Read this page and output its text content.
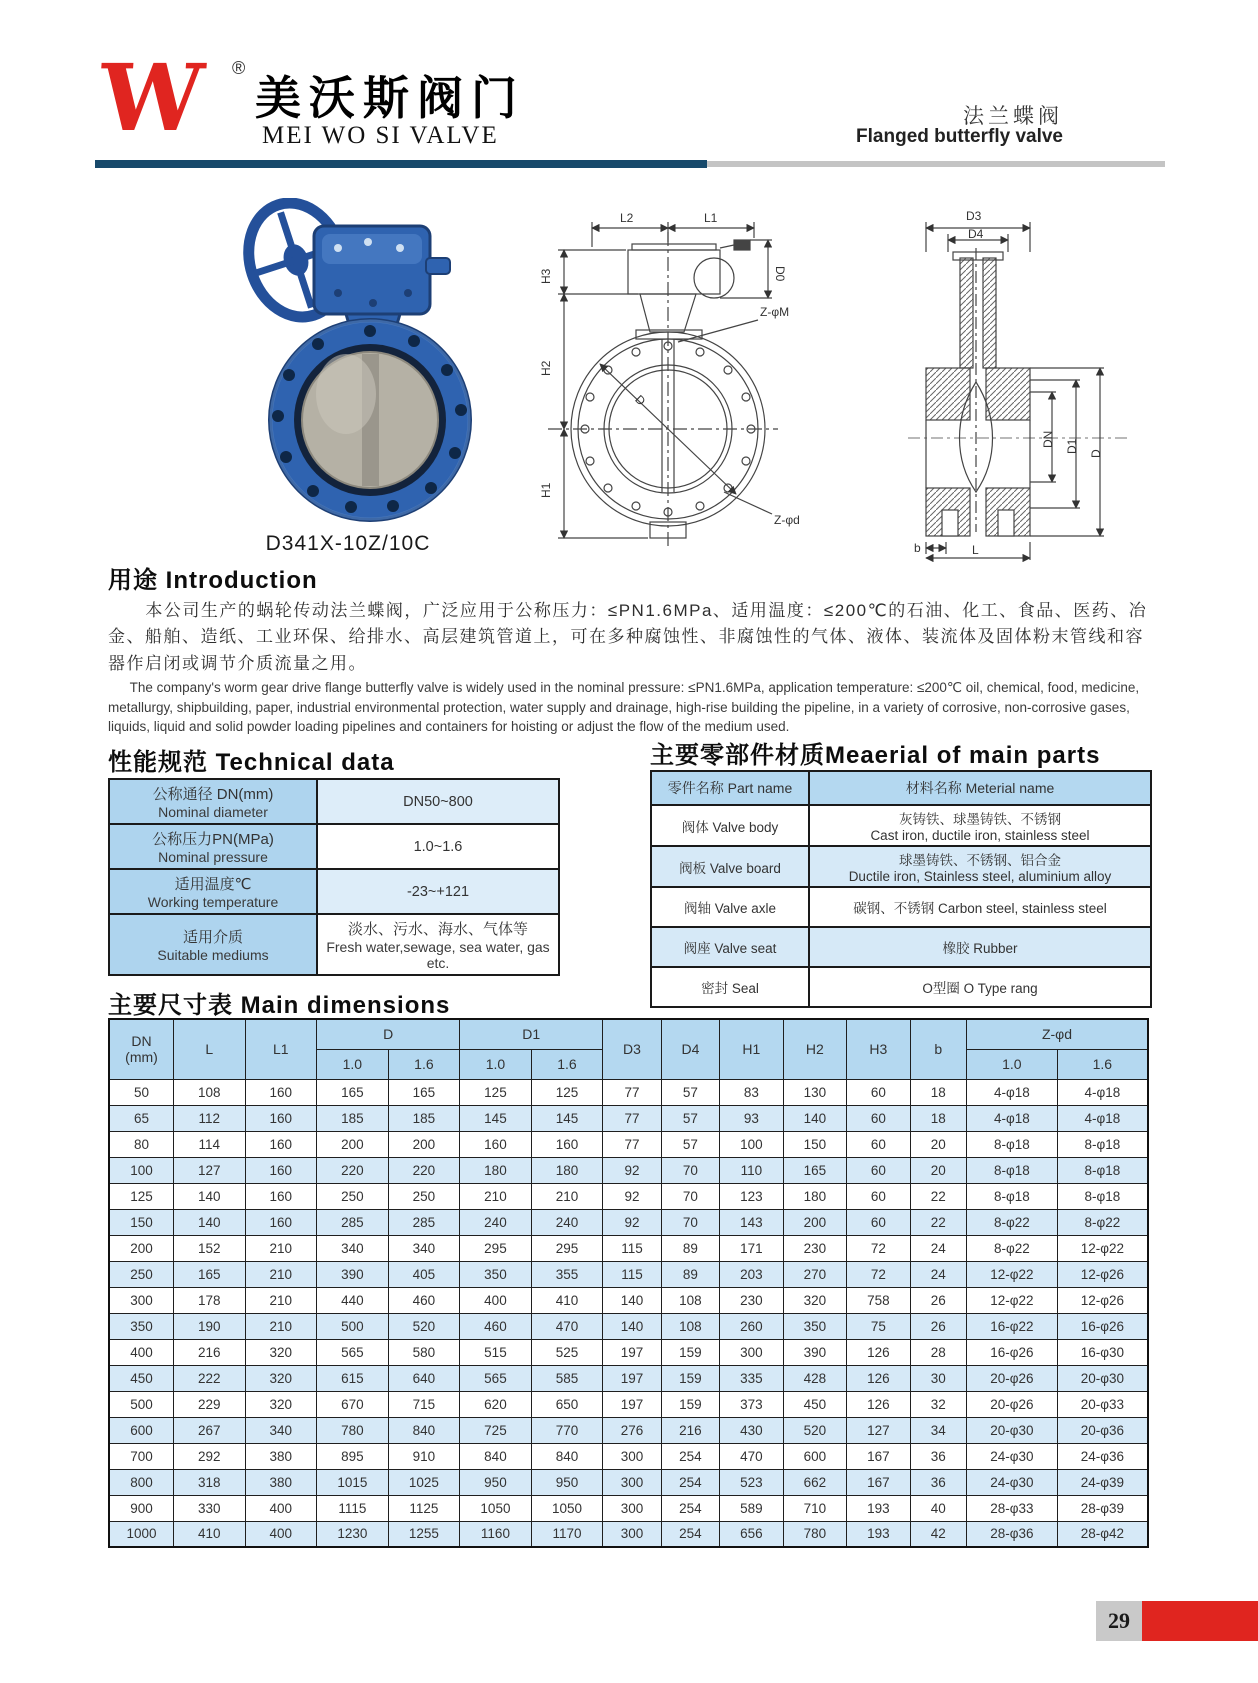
W ®
美沃斯阀门
MEI WO SI VALVE
法兰蝶阀
Flanged butterfly valve
D341X-10Z/10C
L2	L1
D0
H3
H2
H1
D
Z-φM
Z-φd
D3
D4
DN D1 D
b	L
用途 Introduction

本公司生产的蜗轮传动法兰蝶阀，广泛应用于公称压力：≤PN1.6MPa、适用温度：≤200℃的石油、化工、食品、医药、冶金、船舶、造纸、工业环保、给排水、高层建筑管道上，可在多种腐蚀性、非腐蚀性的气体、液体、装流体及固体粉末管线和容器作启闭或调节介质流量之用。

The company's worm gear drive flange butterfly valve is widely used in the nominal pressure: ≤PN1.6MPa, application temperature: ≤200℃ oil, chemical, food, medicine, metallurgy, shipbuilding, paper, industrial environmental protection, water supply and drainage, high-rise building the pipeline, in a variety of corrosive, non-corrosive gases, liquids, liquid and solid powder loading pipelines and containers for hoisting or adjust the flow of the medium used.

性能规范 Technical data
公称通径 DN(mm)
Nominal diameter	DN50~800

公称压力PN(MPa)
Nominal pressure	1.0~1.6

适用温度℃
Working temperature	-23~+121

适用介质
Suitable mediums	淡水、污水、海水、气体等
Fresh water,sewage, sea water, gas etc.
主要零部件材质Meaerial of main parts
零件名称 Part name	材料名称 Meterial name
阀体 Valve body	灰铸铁、球墨铸铁、不锈钢
Cast iron, ductile iron, stainless steel

阀板 Valve board	球墨铸铁、不锈钢、铝合金
Ductile iron, Stainless steel, aluminium alloy

阀轴 Valve axle	碳钢、不锈钢 Carbon steel, stainless steel
阀座 Valve seat	橡胶 Rubber
密封 Seal	O型圈 O Type rang
主要尺寸表 Main dimensions
DN
(mm)	L	L1	D		D1		D3	D4	H1	H2	H3	b	Z-φd	
			1.0	1.6	1.0	1.6							1.0	1.6
50	108	160	165	165	125	125	77	57	83	130	60	18	4-φ18	4-φ18
65	112	160	185	185	145	145	77	57	93	140	60	18	4-φ18	4-φ18
80	114	160	200	200	160	160	77	57	100	150	60	20	8-φ18	8-φ18
100	127	160	220	220	180	180	92	70	110	165	60	20	8-φ18	8-φ18
125	140	160	250	250	210	210	92	70	123	180	60	22	8-φ18	8-φ18
150	140	160	285	285	240	240	92	70	143	200	60	22	8-φ22	8-φ22
200	152	210	340	340	295	295	115	89	171	230	72	24	8-φ22	12-φ22
250	165	210	390	405	350	355	115	89	203	270	72	24	12-φ22	12-φ26
300	178	210	440	460	400	410	140	108	230	320	758	26	12-φ22	12-φ26
350	190	210	500	520	460	470	140	108	260	350	75	26	16-φ22	16-φ26
400	216	320	565	580	515	525	197	159	300	390	126	28	16-φ26	16-φ30
450	222	320	615	640	565	585	197	159	335	428	126	30	20-φ26	20-φ30
500	229	320	670	715	620	650	197	159	373	450	126	32	20-φ26	20-φ33
600	267	340	780	840	725	770	276	216	430	520	127	34	20-φ30	20-φ36
700	292	380	895	910	840	840	300	254	470	600	167	36	24-φ30	24-φ36
800	318	380	1015	1025	950	950	300	254	523	662	167	36	24-φ30	24-φ39
900	330	400	1115	1125	1050	1050	300	254	589	710	193	40	28-φ33	28-φ39
1000	410	400	1230	1255	1160	1170	300	254	656	780	193	42	28-φ36	28-φ42
29
